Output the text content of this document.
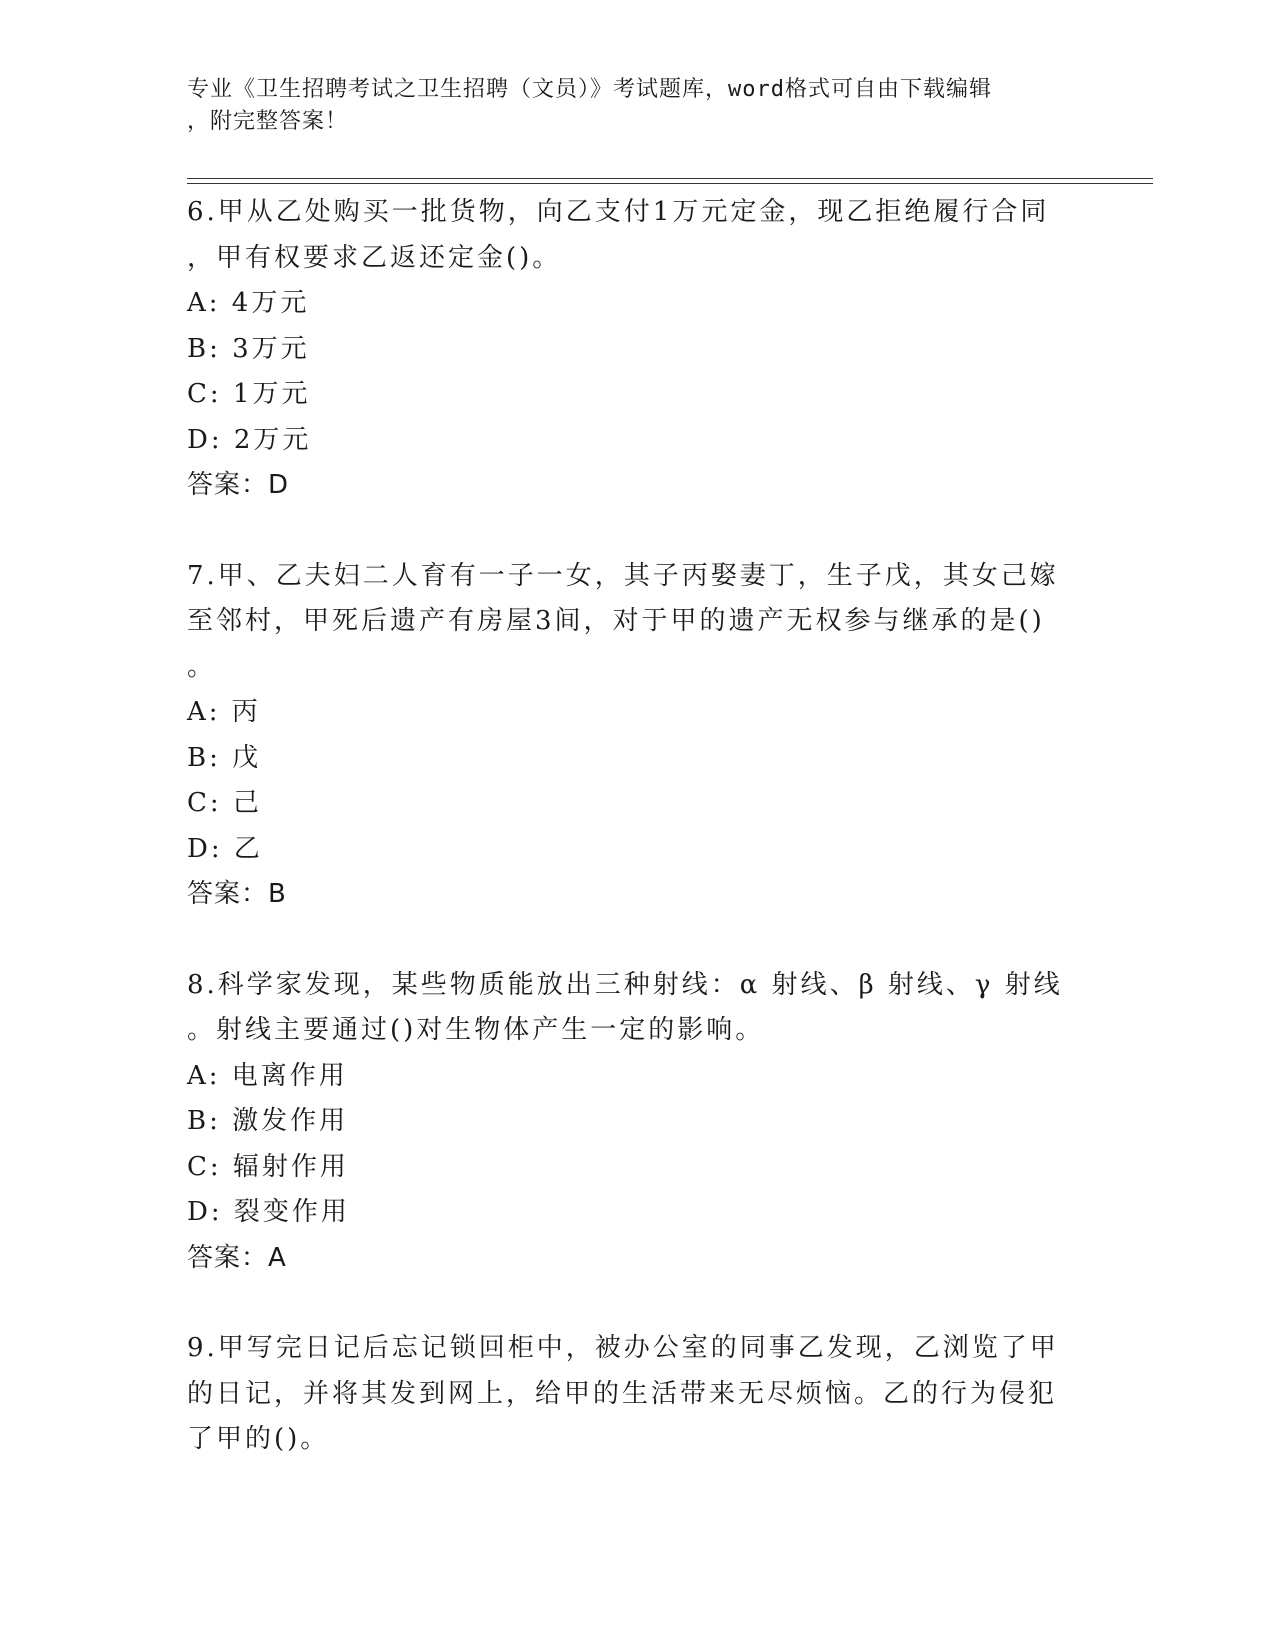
专业《卫生招聘考试之卫生招聘（文员）》考试题库，word格式可自由下载编辑
，附完整答案！
6.甲从乙处购买一批货物，向乙支付1万元定金，现乙拒绝履行合同
，甲有权要求乙返还定金()。
A: 4万元
B: 3万元
C: 1万元
D: 2万元
答案：D
7.甲、乙夫妇二人育有一子一女，其子丙娶妻丁，生子戊，其女己嫁
至邻村，甲死后遗产有房屋3间，对于甲的遗产无权参与继承的是()
。
A: 丙
B: 戊
C: 己
D: 乙
答案：B
8.科学家发现，某些物质能放出三种射线：α 射线、β 射线、γ 射线
。射线主要通过()对生物体产生一定的影响。
A: 电离作用
B: 激发作用
C: 辐射作用
D: 裂变作用
答案：A
9.甲写完日记后忘记锁回柜中，被办公室的同事乙发现，乙浏览了甲
的日记，并将其发到网上，给甲的生活带来无尽烦恼。乙的行为侵犯
了甲的()。
